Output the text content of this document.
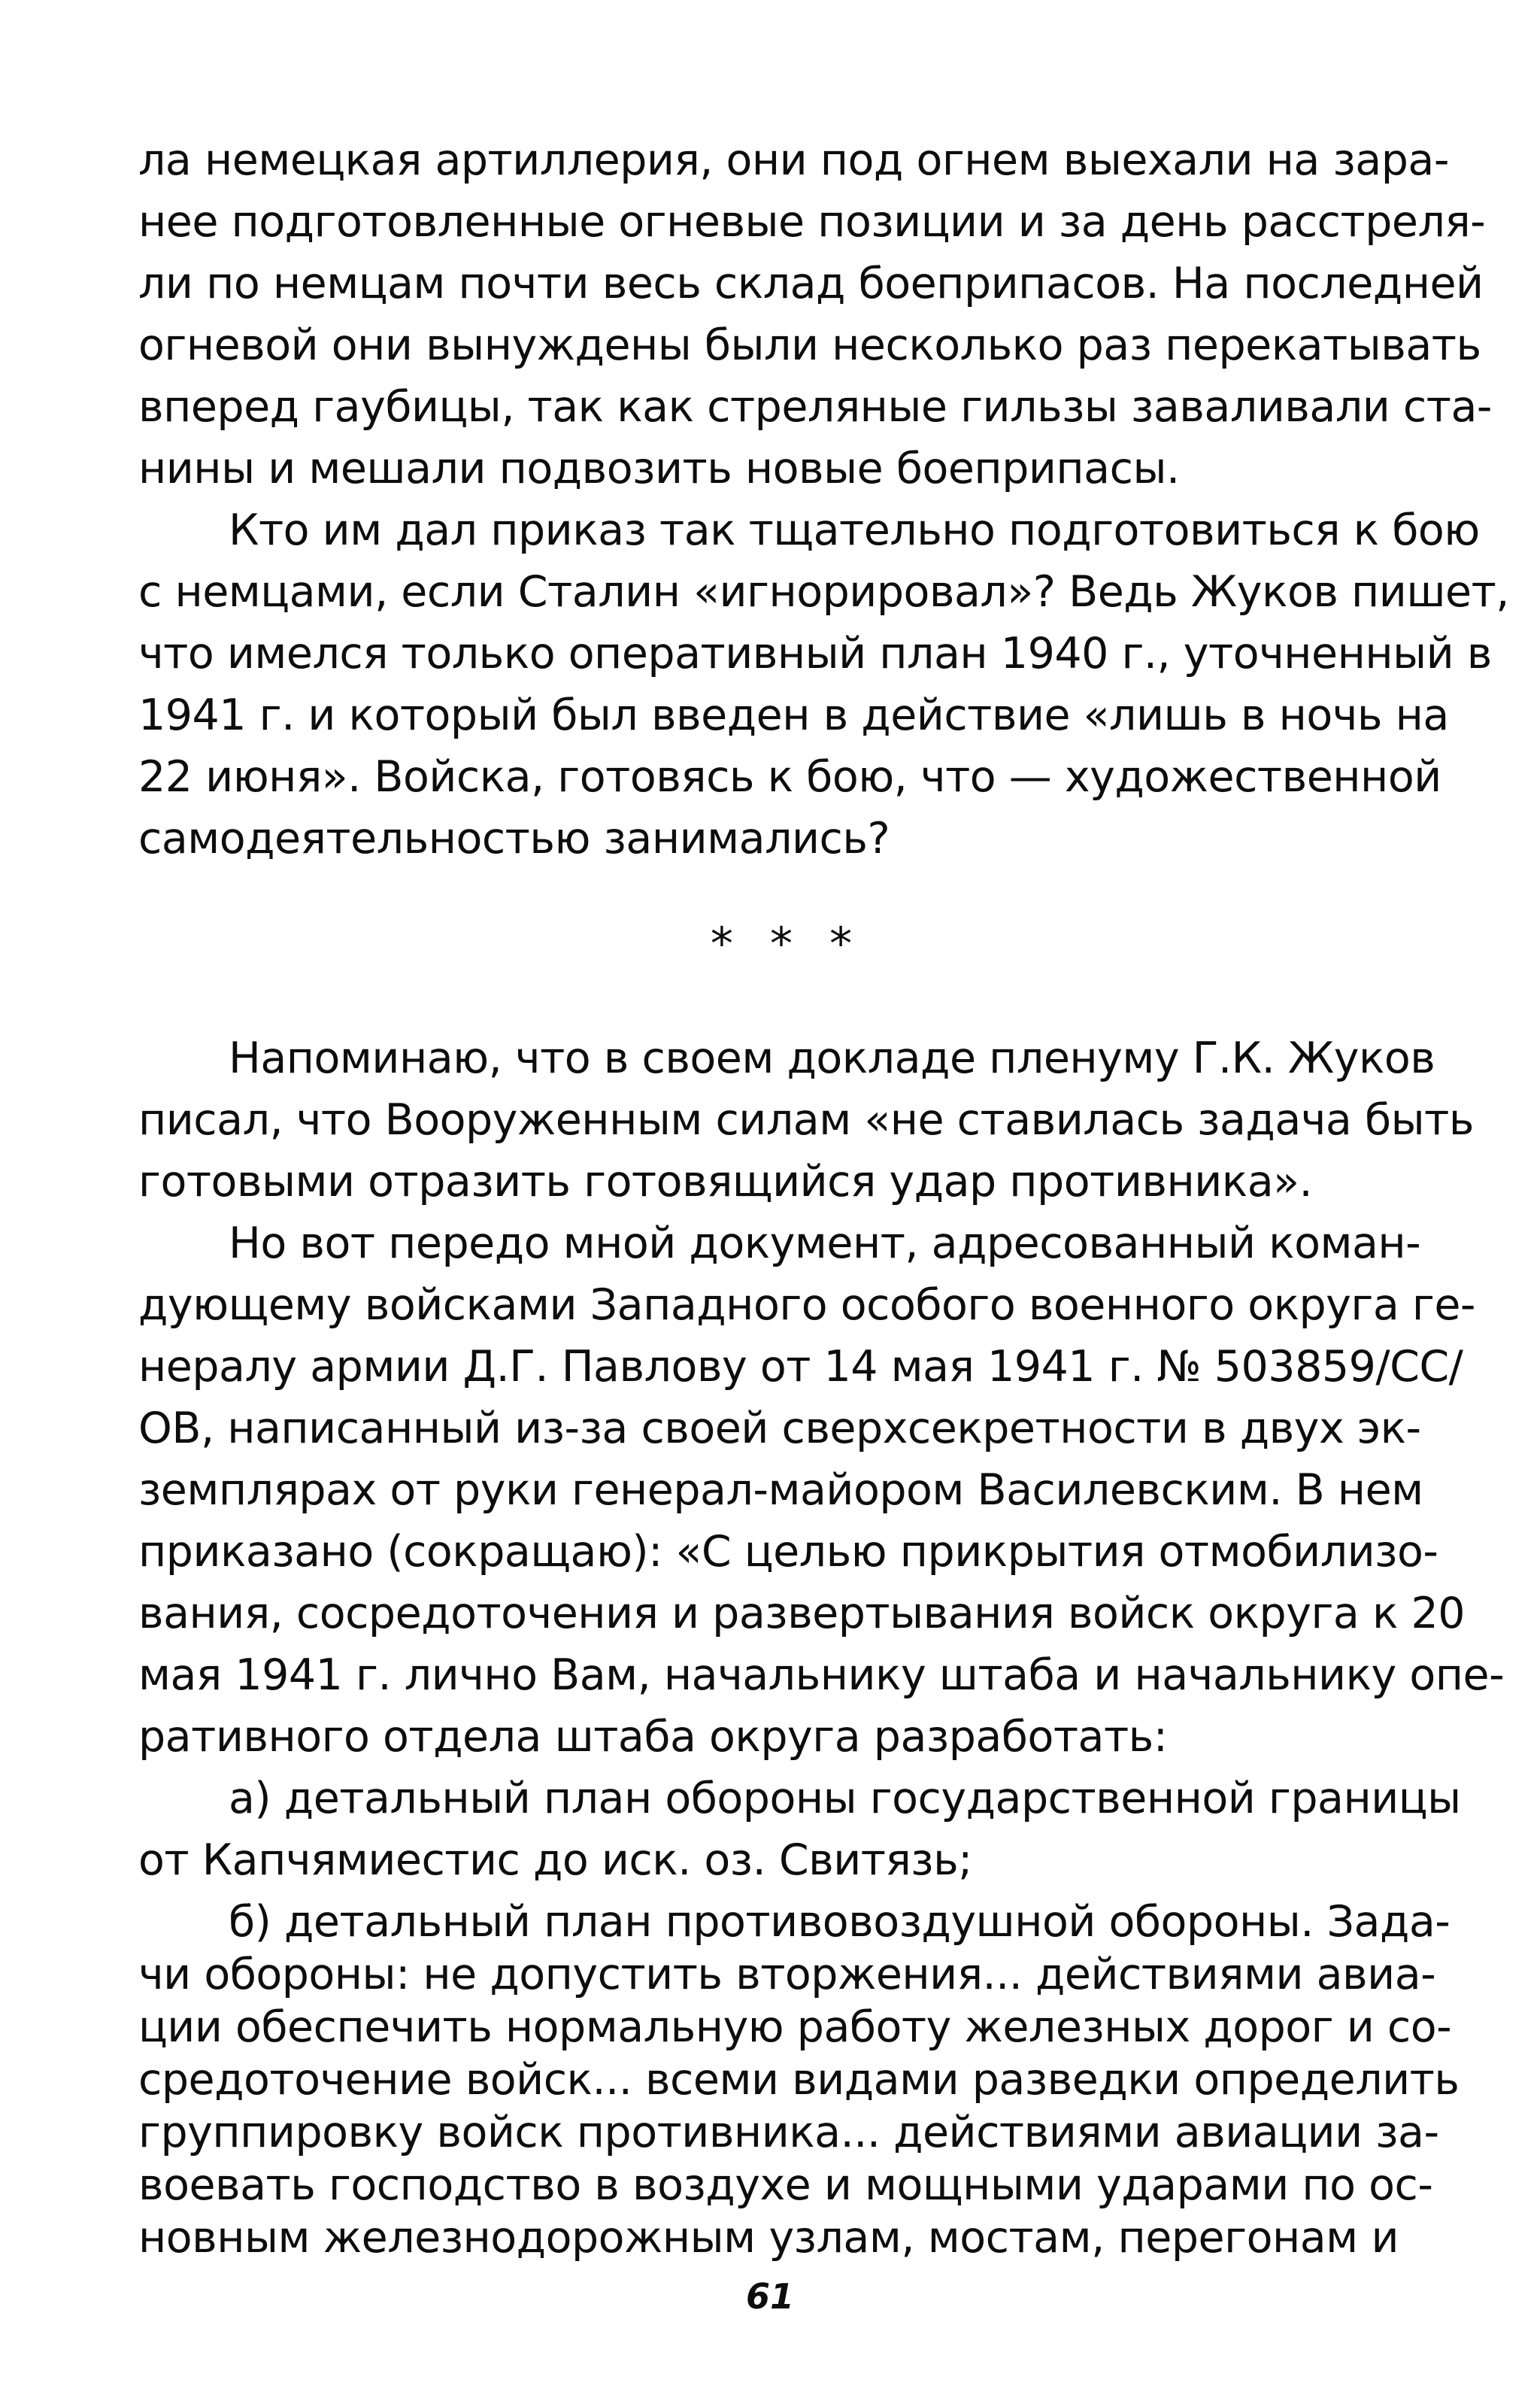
ла немецкая артиллерия, они под огнем выехали на зара-
нее подготовленные огневые позиции и за день расстреля-
ли по немцам почти весь склад боеприпасов. На последней
огневой они вынуждены были несколько раз перекатывать
вперед гаубицы, так как стреляные гильзы заваливали ста-
нины и мешали подвозить новые боеприпасы.
Кто им дал приказ так тщательно подготовиться к бою
с немцами, если Сталин «игнорировал»? Ведь Жуков пишет,
что имелся только оперативный план 1940 г., уточненный в
1941 г. и который был введен в действие «лишь в ночь на
22 июня». Войска, готовясь к бою, что — художественной
самодеятельностью занимались?
* * *
Напоминаю, что в своем докладе пленуму Г.К. Жуков
писал, что Вооруженным силам «не ставилась задача быть
готовыми отразить готовящийся удар противника».
Но вот передо мной документ, адресованный коман-
дующему войсками Западного особого военного округа ге-
нералу армии Д.Г. Павлову от 14 мая 1941 г. № 503859/СС/
ОВ, написанный из-за своей сверхсекретности в двух эк-
земплярах от руки генерал-майором Василевским. В нем
приказано (сокращаю): «С целью прикрытия отмобилизо-
вания, сосредоточения и развертывания войск округа к 20
мая 1941 г. лично Вам, начальнику штаба и начальнику опе-
ративного отдела штаба округа разработать:
а) детальный план обороны государственной границы
от Капчямиестис до иск. оз. Свитязь;
б) детальный план противовоздушной обороны. Зада-
чи обороны: не допустить вторжения... действиями авиа-
ции обеспечить нормальную работу железных дорог и со-
средоточение войск... всеми видами разведки определить
группировку войск противника... действиями авиации за-
воевать господство в воздухе и мощными ударами по ос-
61
новным железнодорожным узлам, мостам, перегонам и
